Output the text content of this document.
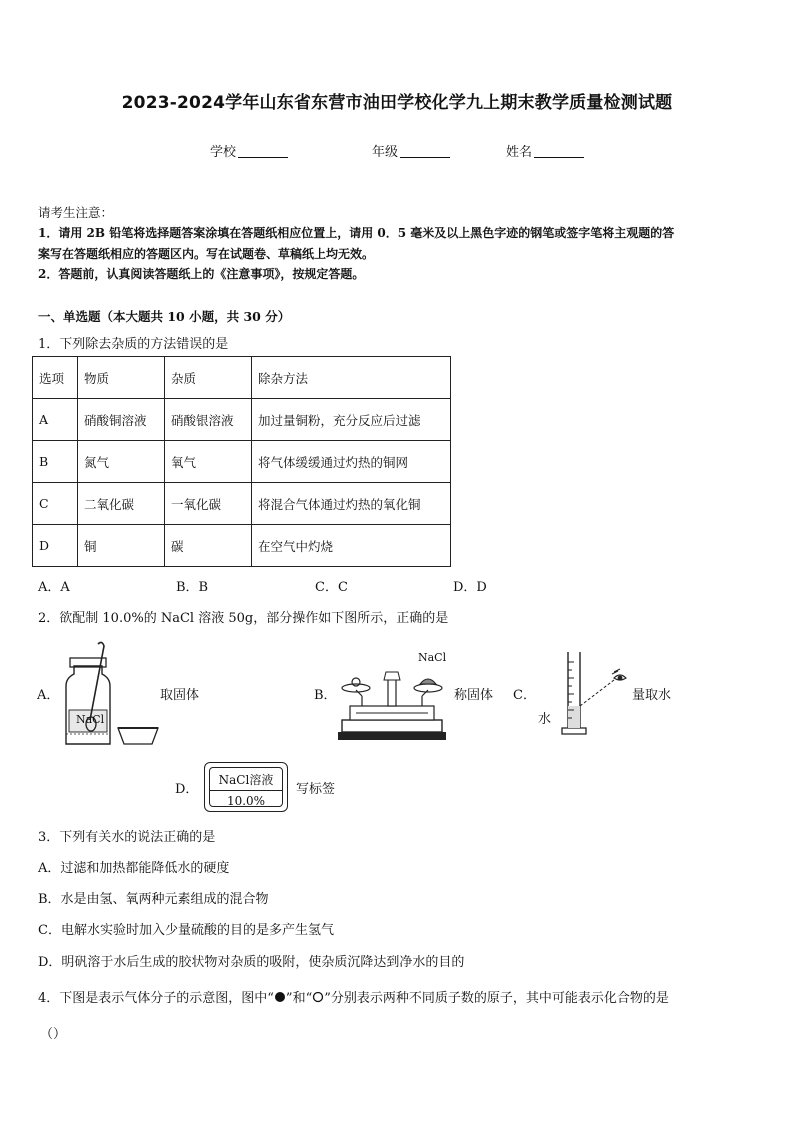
2023-2024学年山东省东营市油田学校化学九上期末教学质量检测试题
学校	年级	姓名
请考生注意：
1．请用 2B 铅笔将选择题答案涂填在答题纸相应位置上，请用 0．5 毫米及以上黑色字迹的钢笔或签字笔将主观题的答
案写在答题纸相应的答题区内。写在试题卷、草稿纸上均无效。
2．答题前，认真阅读答题纸上的《注意事项》，按规定答题。
一、单选题（本大题共 10 小题，共 30 分）
1．下列除去杂质的方法错误的是
选项	物质	杂质	除杂方法
A	硝酸铜溶液	硝酸银溶液	加过量铜粉，充分反应后过滤
B	氮气	氧气	将气体缓缓通过灼热的铜网
C	二氧化碳	一氧化碳	将混合气体通过灼热的氧化铜
D	铜	碳	在空气中灼烧
A．A	B．B	C．C	D．D
2．欲配制 10.0%的 NaCl 溶液 50g，部分操作如下图所示，正确的是
A．
NaCl
取固体	B．
NaCl
称固体 C．
水
量取水
D．
NaCl溶液
10.0%
写标签
3．下列有关水的说法正确的是
A．过滤和加热都能降低水的硬度
B．水是由氢、氧两种元素组成的混合物
C．电解水实验时加入少量硫酸的目的是多产生氢气
D．明矾溶于水后生成的胶状物对杂质的吸附，使杂质沉降达到净水的目的
4．下图是表示气体分子的示意图，图中“ ”和“ ”分别表示两种不同质子数的原子，其中可能表示化合物的是
（）
